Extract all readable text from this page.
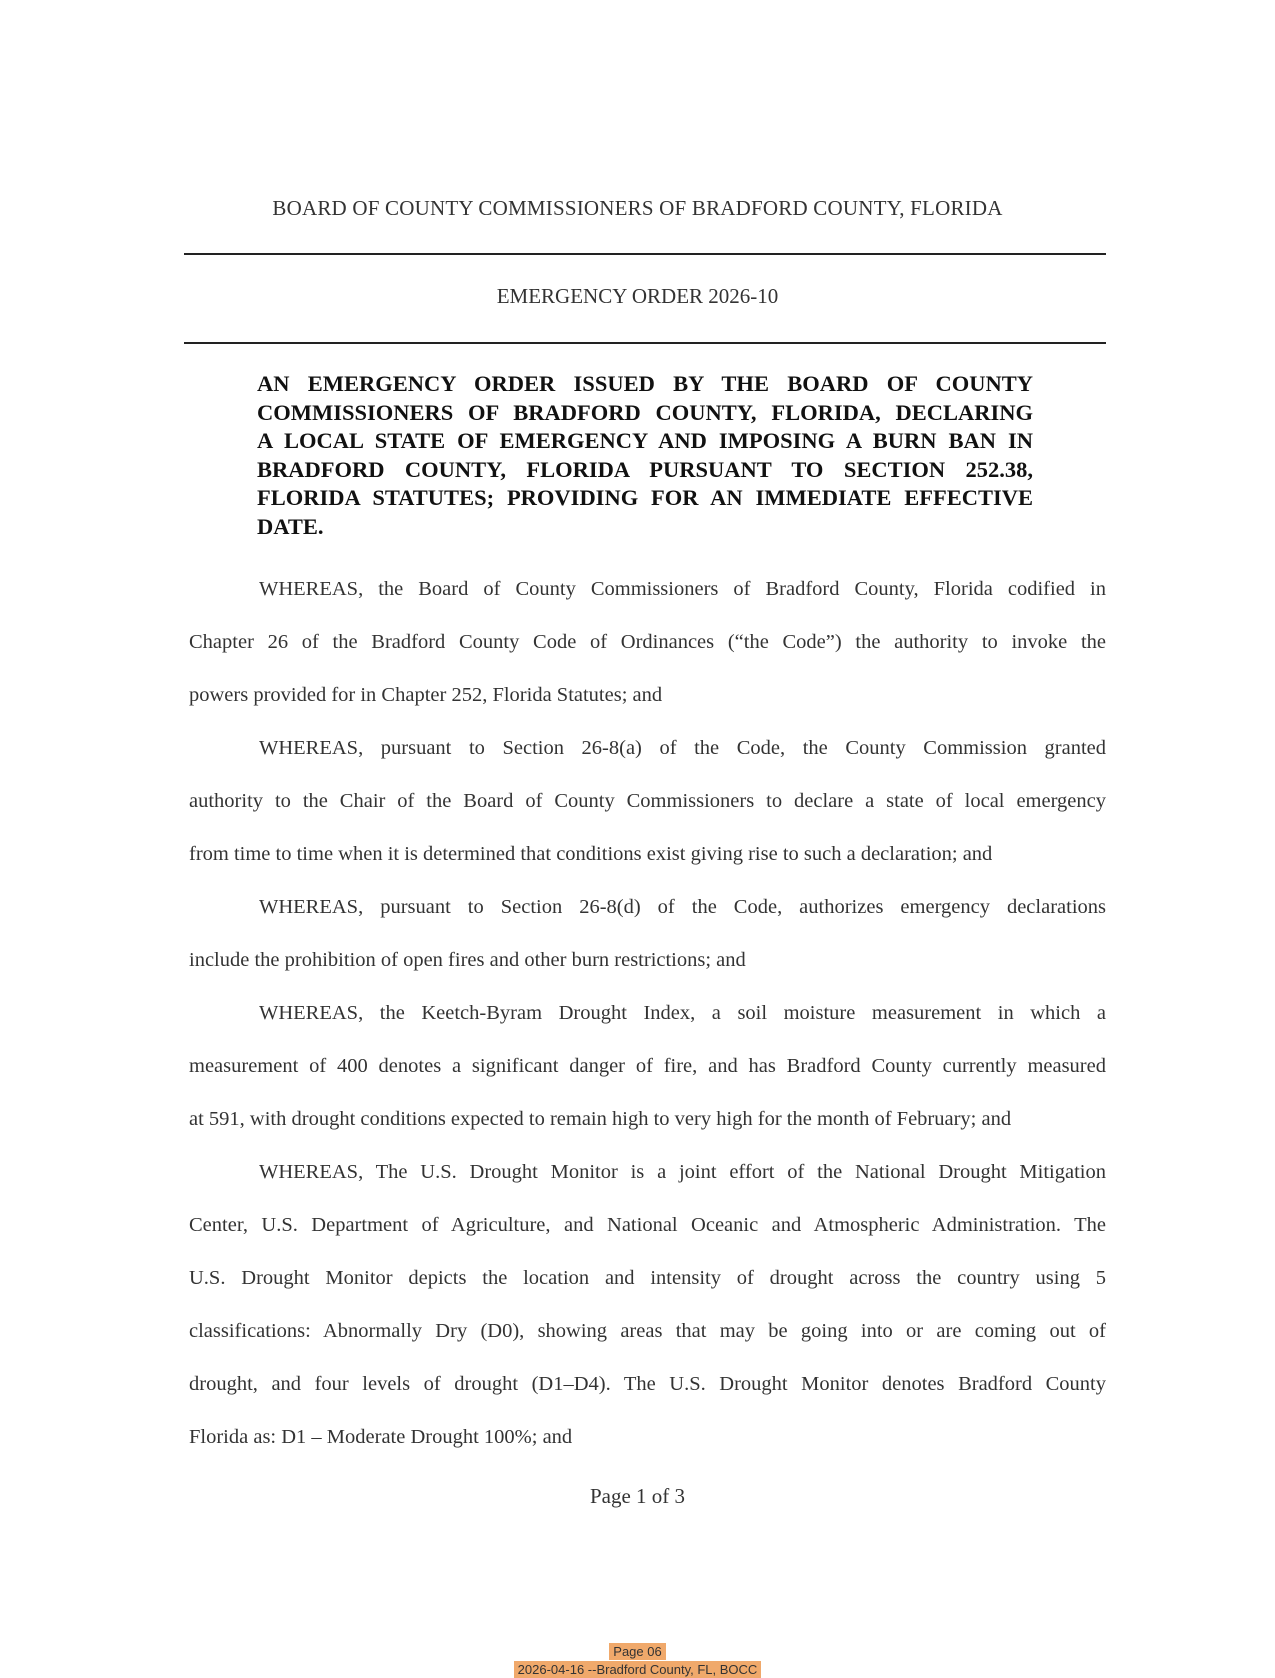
BOARD OF COUNTY COMMISSIONERS OF BRADFORD COUNTY, FLORIDA
EMERGENCY ORDER 2026-10
AN EMERGENCY ORDER ISSUED BY THE BOARD OF COUNTY
COMMISSIONERS OF BRADFORD COUNTY, FLORIDA, DECLARING
A LOCAL STATE OF EMERGENCY AND IMPOSING A BURN BAN IN
BRADFORD COUNTY, FLORIDA PURSUANT TO SECTION 252.38,
FLORIDA STATUTES; PROVIDING FOR AN IMMEDIATE EFFECTIVE
DATE.
WHEREAS, the Board of County Commissioners of Bradford County, Florida codified in
Chapter 26 of the Bradford County Code of Ordinances (“the Code”) the authority to invoke the
powers provided for in Chapter 252, Florida Statutes; and
WHEREAS, pursuant to Section 26-8(a) of the Code, the County Commission granted
authority to the Chair of the Board of County Commissioners to declare a state of local emergency
from time to time when it is determined that conditions exist giving rise to such a declaration; and
WHEREAS, pursuant to Section 26-8(d) of the Code, authorizes emergency declarations
include the prohibition of open fires and other burn restrictions; and
WHEREAS, the Keetch-Byram Drought Index, a soil moisture measurement in which a
measurement of 400 denotes a significant danger of fire, and has Bradford County currently measured
at 591, with drought conditions expected to remain high to very high for the month of February; and
WHEREAS, The U.S. Drought Monitor is a joint effort of the National Drought Mitigation
Center, U.S. Department of Agriculture, and National Oceanic and Atmospheric Administration. The
U.S. Drought Monitor depicts the location and intensity of drought across the country using 5
classifications: Abnormally Dry (D0), showing areas that may be going into or are coming out of
drought, and four levels of drought (D1–D4). The U.S. Drought Monitor denotes Bradford County
Florida as: D1 – Moderate Drought 100%; and
Page 1 of 3
Page 06
2026-04-16 --Bradford County, FL, BOCC
